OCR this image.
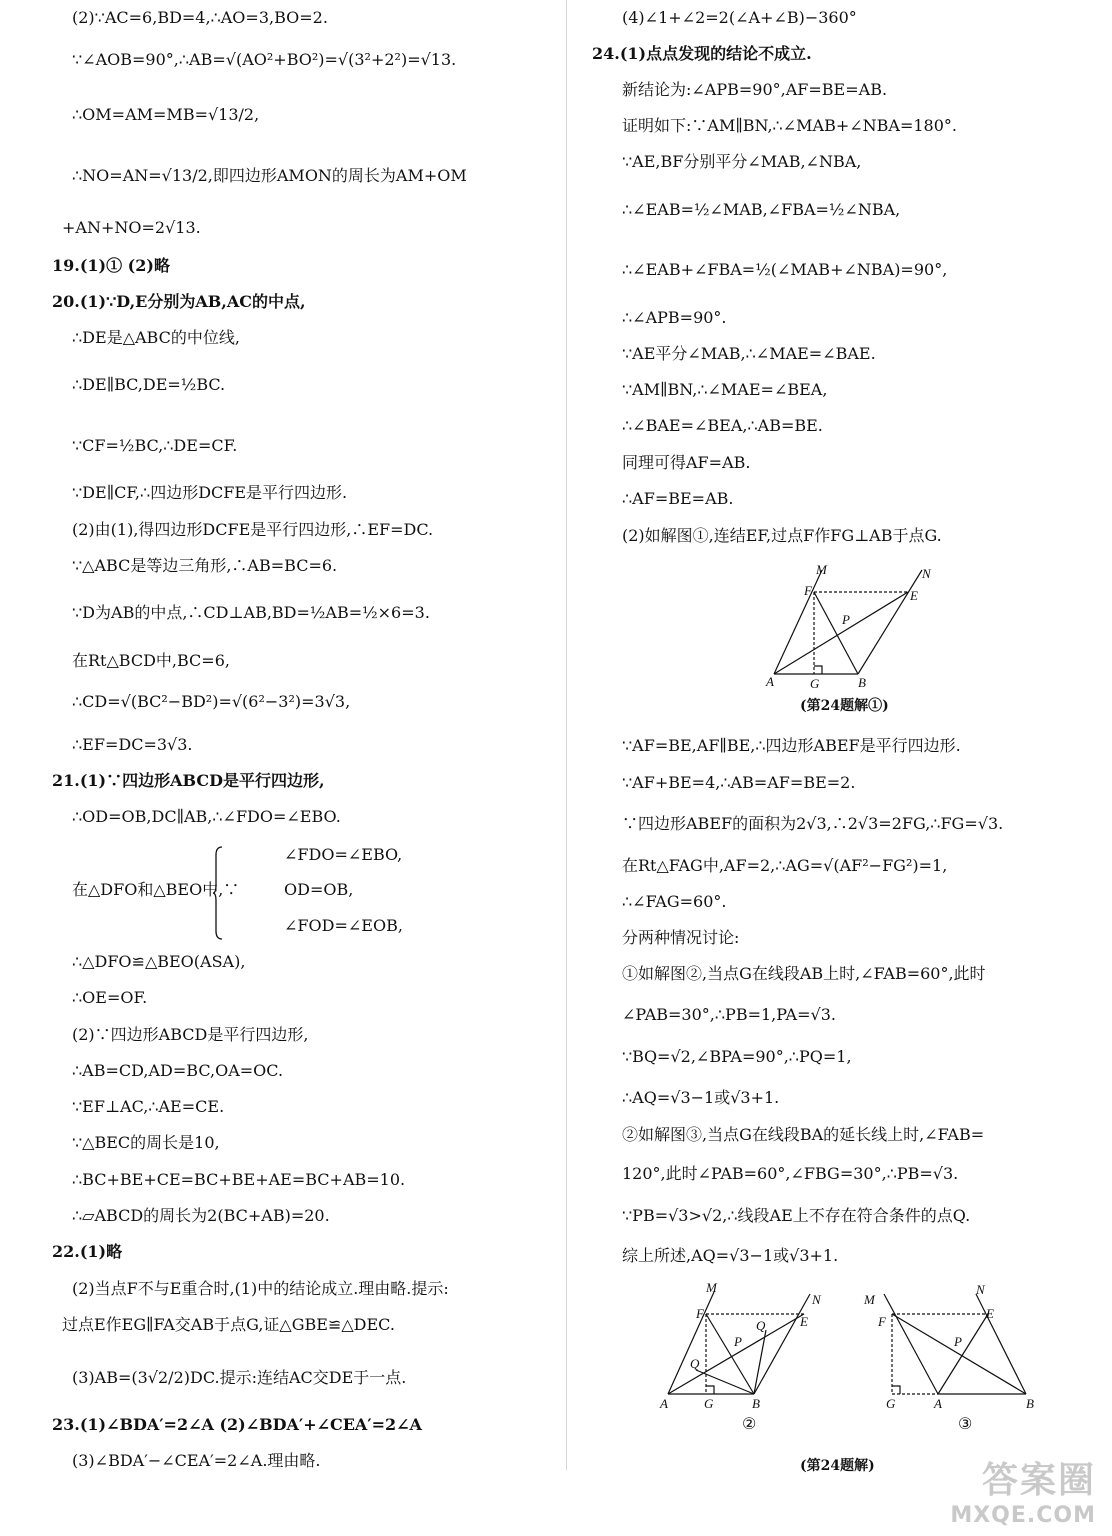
(2)∵AC=6,BD=4,∴AO=3,BO=2.
∵∠AOB=90°,∴AB=√(AO²+BO²)=√(3²+2²)=√13.
∴OM=AM=MB=√13/2,
∴NO=AN=√13/2,即四边形AMON的周长为AM+OM
+AN+NO=2√13.
19.(1)① (2)略
20.(1)∵D,E分别为AB,AC的中点,
∴DE是△ABC的中位线,
∴DE∥BC,DE=½BC.
∵CF=½BC,∴DE=CF.
∵DE∥CF,∴四边形DCFE是平行四边形.
(2)由(1),得四边形DCFE是平行四边形,∴EF=DC.
∵△ABC是等边三角形,∴AB=BC=6.
∵D为AB的中点,∴CD⊥AB,BD=½AB=½×6=3.
在Rt△BCD中,BC=6,
∴CD=√(BC²−BD²)=√(6²−3²)=3√3,
∴EF=DC=3√3.
21.(1)∵四边形ABCD是平行四边形,
∴OD=OB,DC∥AB,∴∠FDO=∠EBO.
∠FDO=∠EBO,
在△DFO和△BEO中,∵	OD=OB,
∠FOD=∠EOB,
∴△DFO≌△BEO(ASA),
∴OE=OF.
(2)∵四边形ABCD是平行四边形,
∴AB=CD,AD=BC,OA=OC.
∵EF⊥AC,∴AE=CE.
∵△BEC的周长是10,
∴BC+BE+CE=BC+BE+AE=BC+AB=10.
∴▱ABCD的周长为2(BC+AB)=20.
22.(1)略
(2)当点F不与E重合时,(1)中的结论成立.理由略.提示:
过点E作EG∥FA交AB于点G,证△GBE≌△DEC.
(3)AB=(3√2/2)DC.提示:连结AC交DE于一点.
23.(1)∠BDA′=2∠A (2)∠BDA′+∠CEA′=2∠A
(3)∠BDA′−∠CEA′=2∠A.理由略.
(4)∠1+∠2=2(∠A+∠B)−360°
24.(1)点点发现的结论不成立.
新结论为:∠APB=90°,AF=BE=AB.
证明如下:∵AM∥BN,∴∠MAB+∠NBA=180°.
∵AE,BF分别平分∠MAB,∠NBA,
∴∠EAB=½∠MAB,∠FBA=½∠NBA,
∴∠EAB+∠FBA=½(∠MAB+∠NBA)=90°,
∴∠APB=90°.
∵AE平分∠MAB,∴∠MAE=∠BAE.
∵AM∥BN,∴∠MAE=∠BEA,
∴∠BAE=∠BEA,∴AB=BE.
同理可得AF=AB.
∴AF=BE=AB.
(2)如解图①,连结EF,过点F作FG⊥AB于点G.
∵AF=BE,AF∥BE,∴四边形ABEF是平行四边形.
∵AF+BE=4,∴AB=AF=BE=2.
∵四边形ABEF的面积为2√3,∴2√3=2FG,∴FG=√3.
在Rt△FAG中,AF=2,∴AG=√(AF²−FG²)=1,
∴∠FAG=60°.
分两种情况讨论:
①如解图②,当点G在线段AB上时,∠FAB=60°,此时
∠PAB=30°,∴PB=1,PA=√3.
∵BQ=√2,∠BPA=90°,∴PQ=1,
∴AQ=√3−1或√3+1.
②如解图③,当点G在线段BA的延长线上时,∠FAB=
120°,此时∠PAB=60°,∠FBG=30°,∴PB=√3.
∵PB=√3>√2,∴线段AE上不存在符合条件的点Q.
综上所述,AQ=√3−1或√3+1.
M	N
F	E
P
A	G	B
(第24题解①)
M
N
F
E
P
Q
Q
A	G	B
②
M
N
F
E
P
G	A	B
③
(第24题解)	答案圈
MXQE.COM
